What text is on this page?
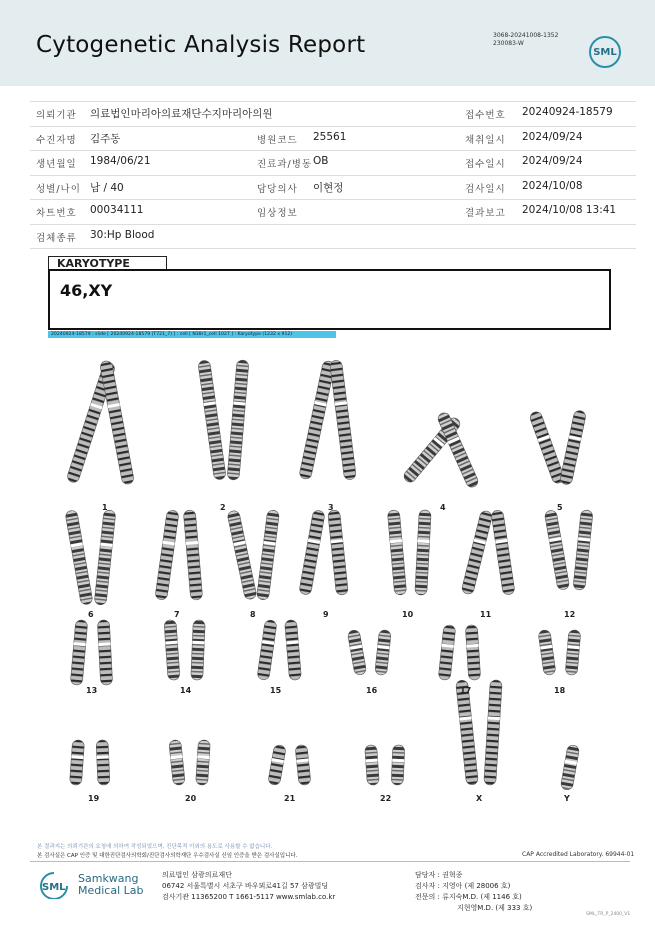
Cytogenetic Analysis Report	3068-20241008-1352
230083-W
SML
의뢰기관 의료법인마리아의료재단수지마리아의원	접수번호 20240924-18579
수진자명 김주동	병원코드 25561	채취일시 2024/09/24
생년월일 1984/06/21	진료과/병동 OB	접수일시 2024/09/24
성별/나이 남 / 40	담당의사 이현정	검사일시 2024/10/08
차트번호 00034111	임상정보	결과보고 2024/10/08 13:41
검체종류 30:Hp Blood
KARYOTYPE
46,XY
20240924-18579 : slide [ 20240924-18579 (T721_7) ] : cell [ N38r1_cell 1027 ] : Karyotype (1232 x 912)
1	2	3	4	5
6	7	8	9	10	11	12
13	14	15	16	17	18
19	20	21	22	X	Y
본 결과지는 의뢰기관의 요청에 의하여 작성되었으며, 진단목적 이외의 용도로 사용할 수 없습니다.
본 검사실은 CAP 인증 및 대한진단검사의학회/진단검사의학재단 우수검사실 신임 인증을 받은 검사실입니다.	CAP Accredited Laboratory. 69944-01
SML
Samkwang
Medical Lab
의료법인 삼광의료재단
06742 서울특별시 서초구 바우뫼로41길 57 삼광빌딩
검사기관 11365200 T 1661-5117 www.smlab.co.kr
담당자 : 권혁종
검사자 : 지영아 (제 28006 호)
전문의 : 류지숙M.D. (제 1146 호)
지현영M.D. (제 333 호)
SML_TR_P_2400_V1
